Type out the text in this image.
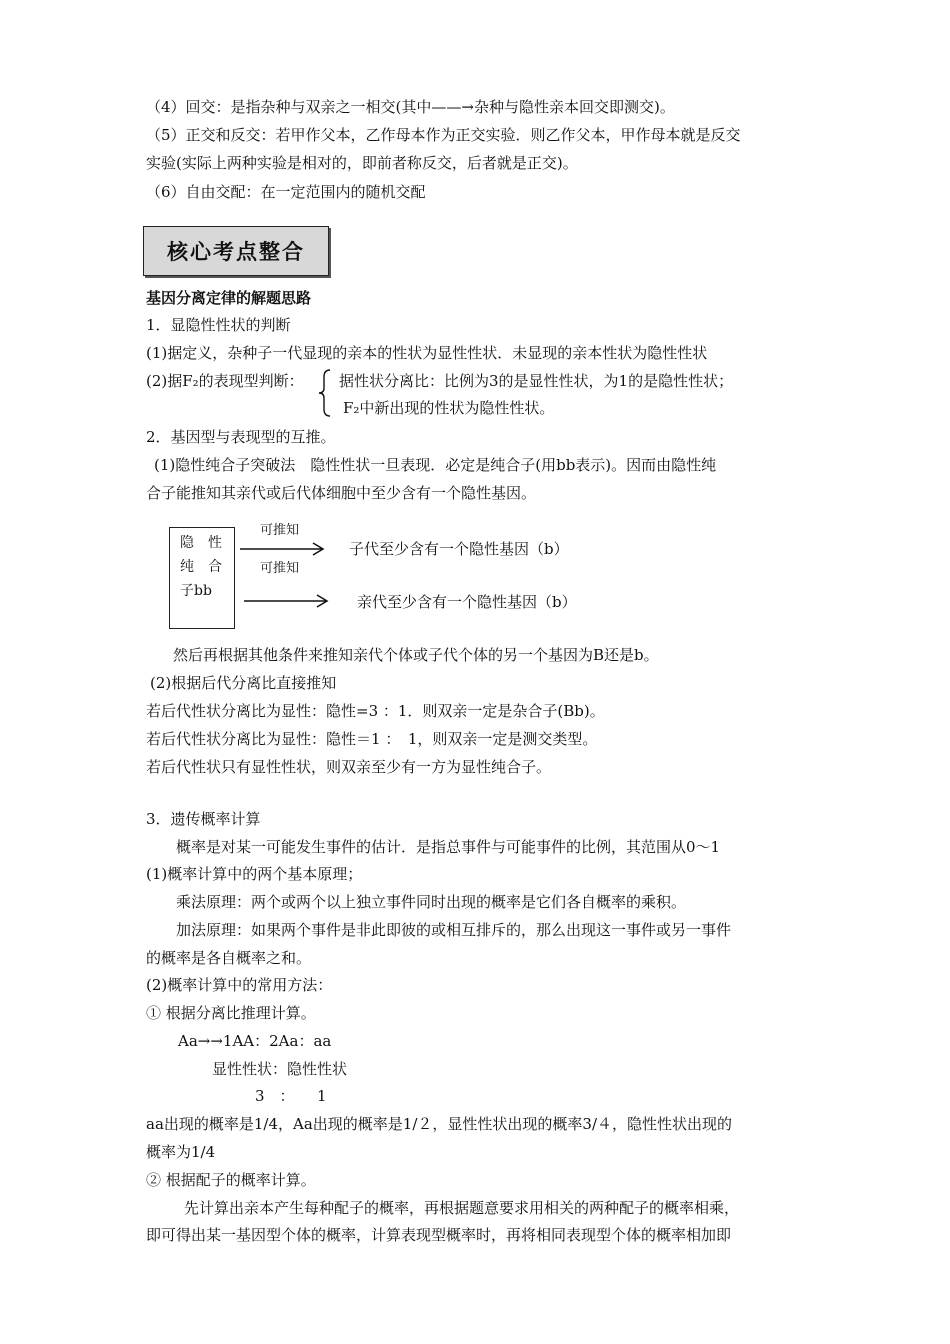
（4）回交：是指杂种与双亲之一相交(其中——→杂种与隐性亲本回交即测交)。
（5）正交和反交：若甲作父本，乙作母本作为正交实验．则乙作父本，甲作母本就是反交
实验(实际上两种实验是相对的，即前者称反交，后者就是正交)。
（6）自由交配：在一定范围内的随机交配
核心考点整合
基因分离定律的解题思路
1．显隐性性状的判断
(1)据定义，杂种子一代显现的亲本的性状为显性性状．未显现的亲本性状为隐性性状
(2)据F₂的表现型判断： 据性状分离比：比例为3的是显性性状，为1的是隐性性状；
F₂中新出现的性状为隐性性状。
2．基因型与表现型的互推。
(1)隐性纯合子突破法　隐性性状一旦表现．必定是纯合子(用bb表示)。因而由隐性纯
合子能推知其亲代或后代体细胞中至少含有一个隐性基因。
隐　性
纯　合
子bb
可推知
子代至少含有一个隐性基因（b）
可推知
亲代至少含有一个隐性基因（b）
然后再根据其他条件来推知亲代个体或子代个体的另一个基因为B还是b。
(2)根据后代分离比直接推知
若后代性状分离比为显性：隐性=3 ：1．则双亲一定是杂合子(Bb)。
若后代性状分离比为显性：隐性＝1 ：　1，则双亲一定是测交类型。
若后代性状只有显性性状，则双亲至少有一方为显性纯合子。
3．遗传概率计算
概率是对某一可能发生事件的估计．是指总事件与可能事件的比例，其范围从0～1
(1)概率计算中的两个基本原理；
乘法原理：两个或两个以上独立事件同时出现的概率是它们各自概率的乘积。
加法原理：如果两个事件是非此即彼的或相互排斥的，那么出现这一事件或另一事件
的概率是各自概率之和。
(2)概率计算中的常用方法：
① 根据分离比推理计算。
Aa→→1AA：2Aa：aa
显性性状：隐性性状
3　：　　1
aa出现的概率是1/4，Aa出现的概率是1/２，显性性状出现的概率3/４，隐性性状出现的
概率为1/4
② 根据配子的概率计算。
先计算出亲本产生每种配子的概率，再根据题意要求用相关的两种配子的概率相乘，
即可得出某一基因型个体的概率，计算表现型概率时，再将相同表现型个体的概率相加即
